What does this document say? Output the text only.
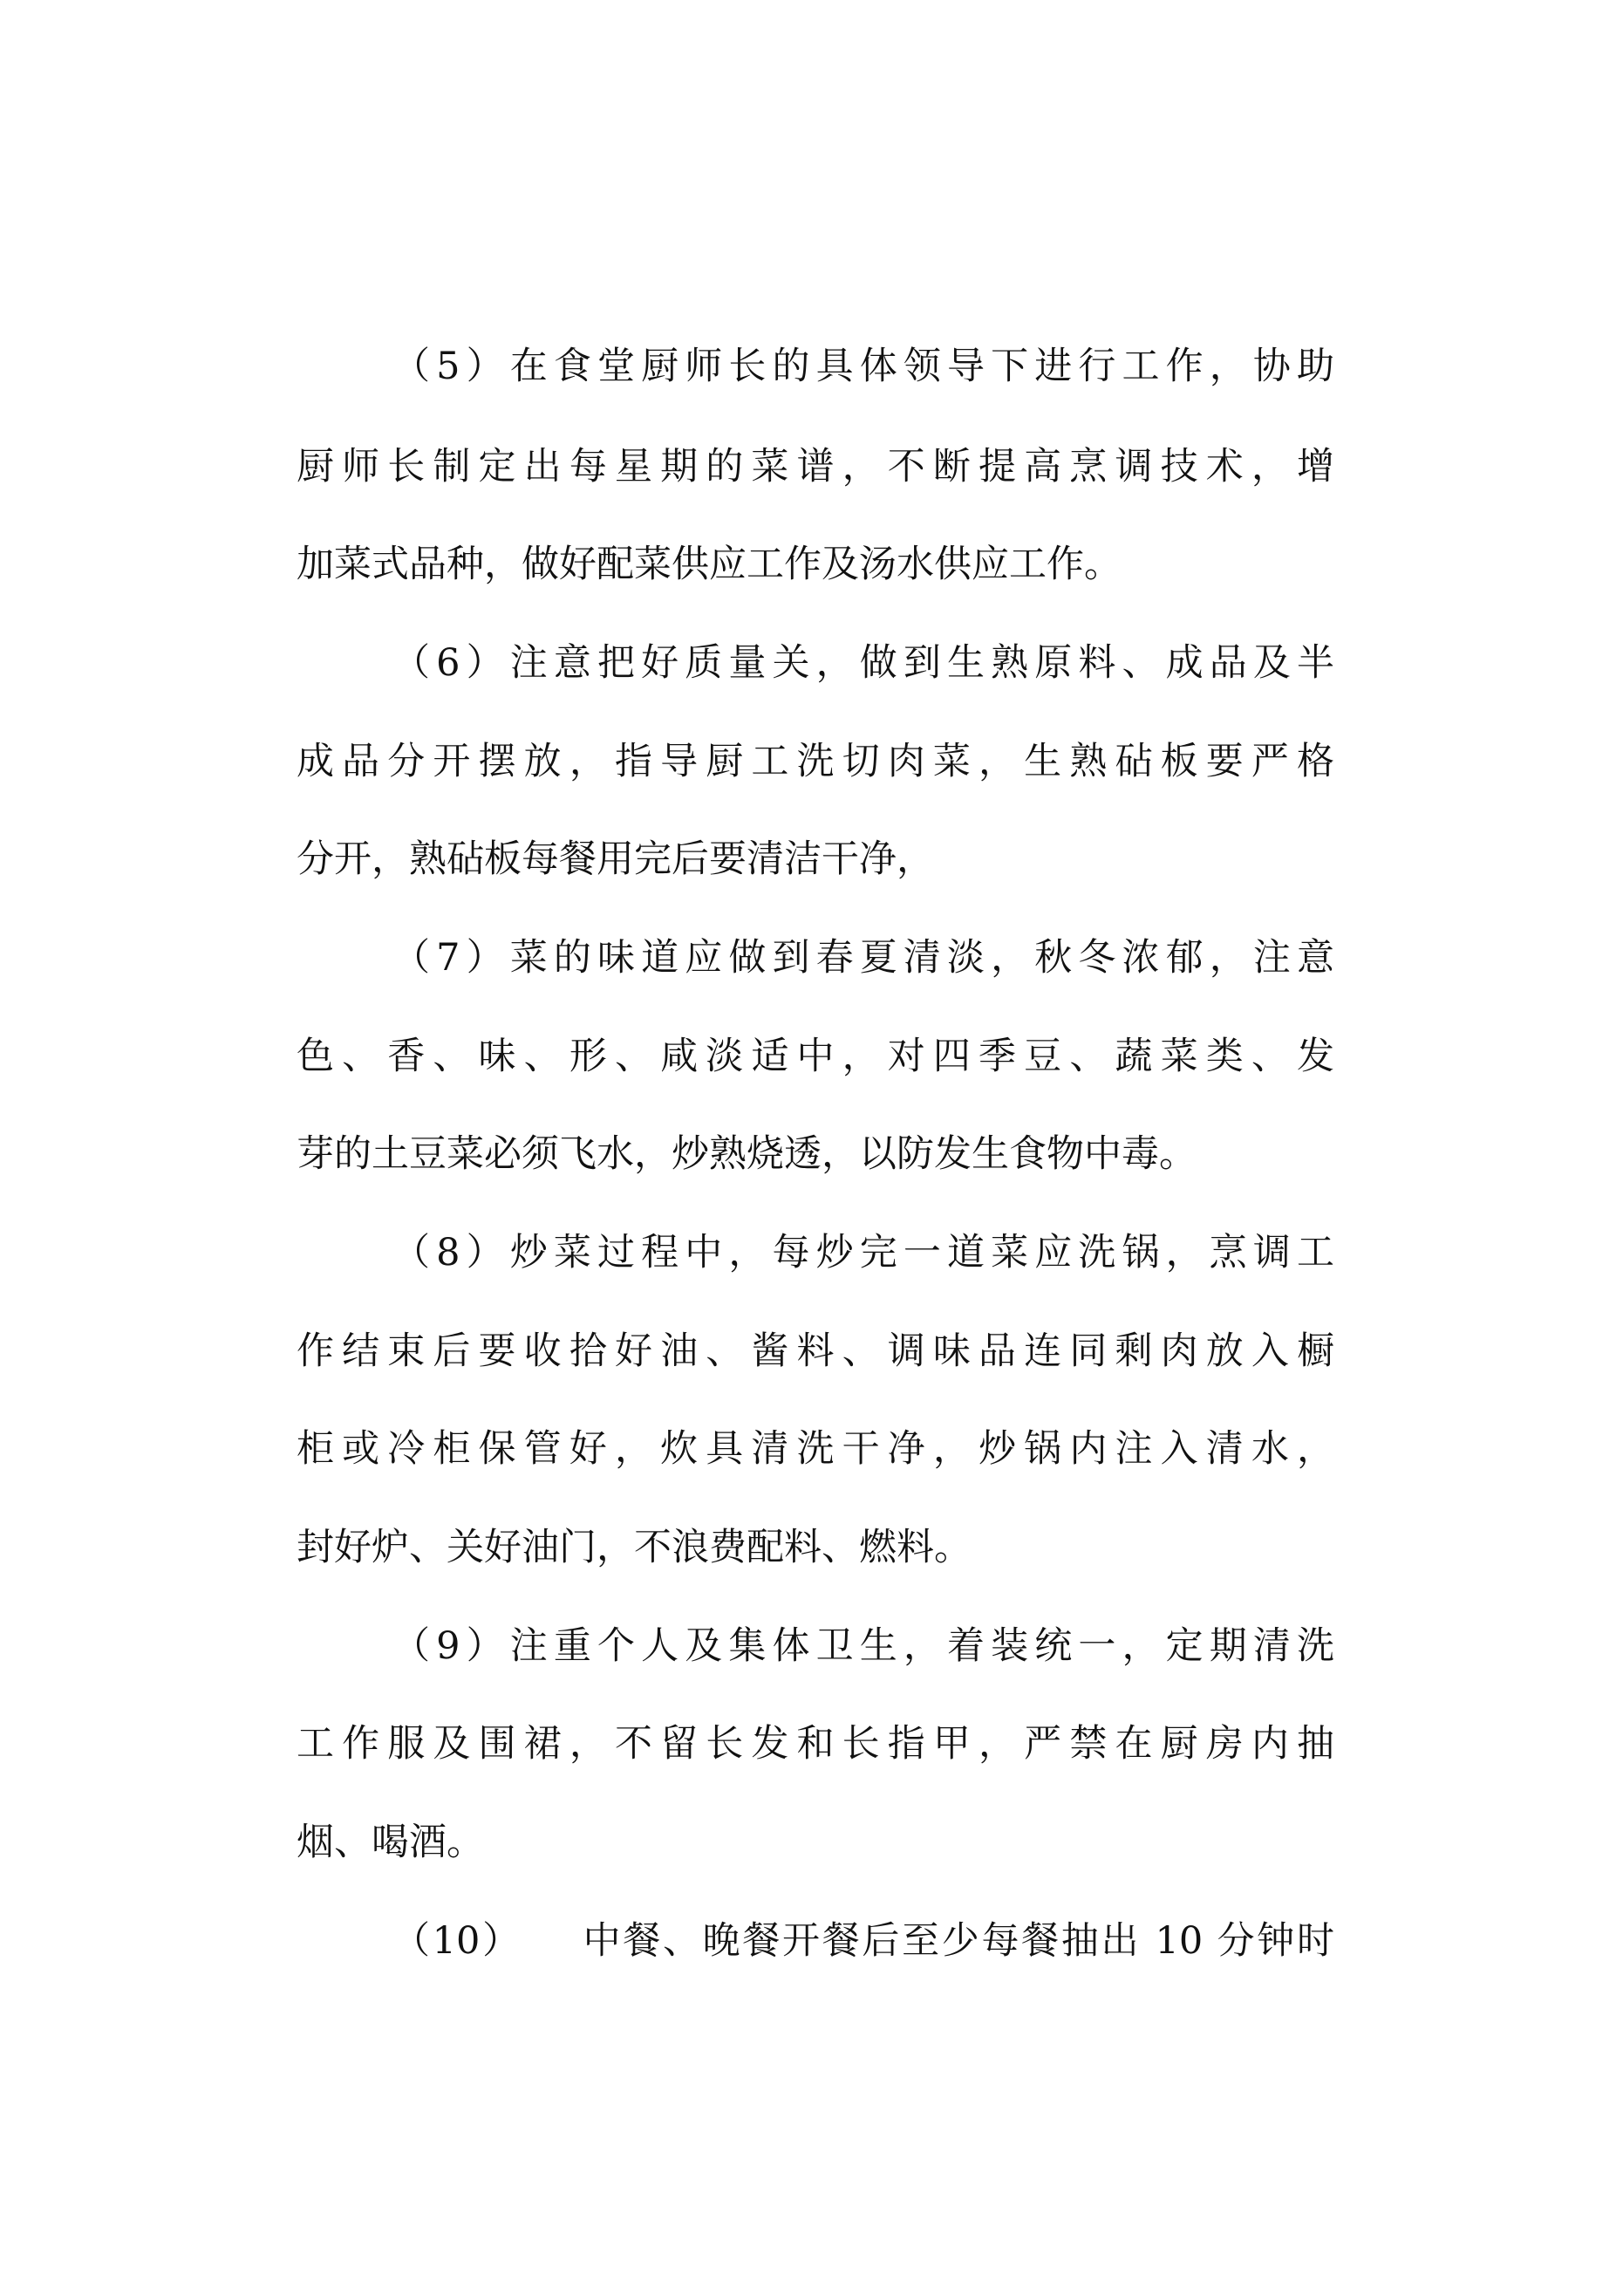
（5）在食堂厨师长的具体领导下进行工作，协助
厨师长制定出每星期的菜谱，不断提高烹调技术，增
加菜式品种，做好配菜供应工作及汤水供应工作。
（6）注意把好质量关，做到生熟原料、成品及半
成品分开摆放，指导厨工洗切肉菜，生熟砧板要严格
分开，熟砧板每餐用完后要清洁干净，
（7）菜的味道应做到春夏清淡，秋冬浓郁，注意
色、香、味、形、咸淡适中，对四季豆、蔬菜类、发
芽的土豆菜必须飞水，炒熟烧透，以防发生食物中毒。
（8）炒菜过程中，每炒完一道菜应洗锅，烹调工
作结束后要收拾好油、酱料、调味品连同剩肉放入橱
柜或冷柜保管好，炊具清洗干净，炒锅内注入清水，
封好炉、关好油门，不浪费配料、燃料。
（9）注重个人及集体卫生，着装统一，定期清洗
工作服及围裙，不留长发和长指甲，严禁在厨房内抽
烟、喝酒。
（10）　　中餐、晚餐开餐后至少每餐抽出 10 分钟时
